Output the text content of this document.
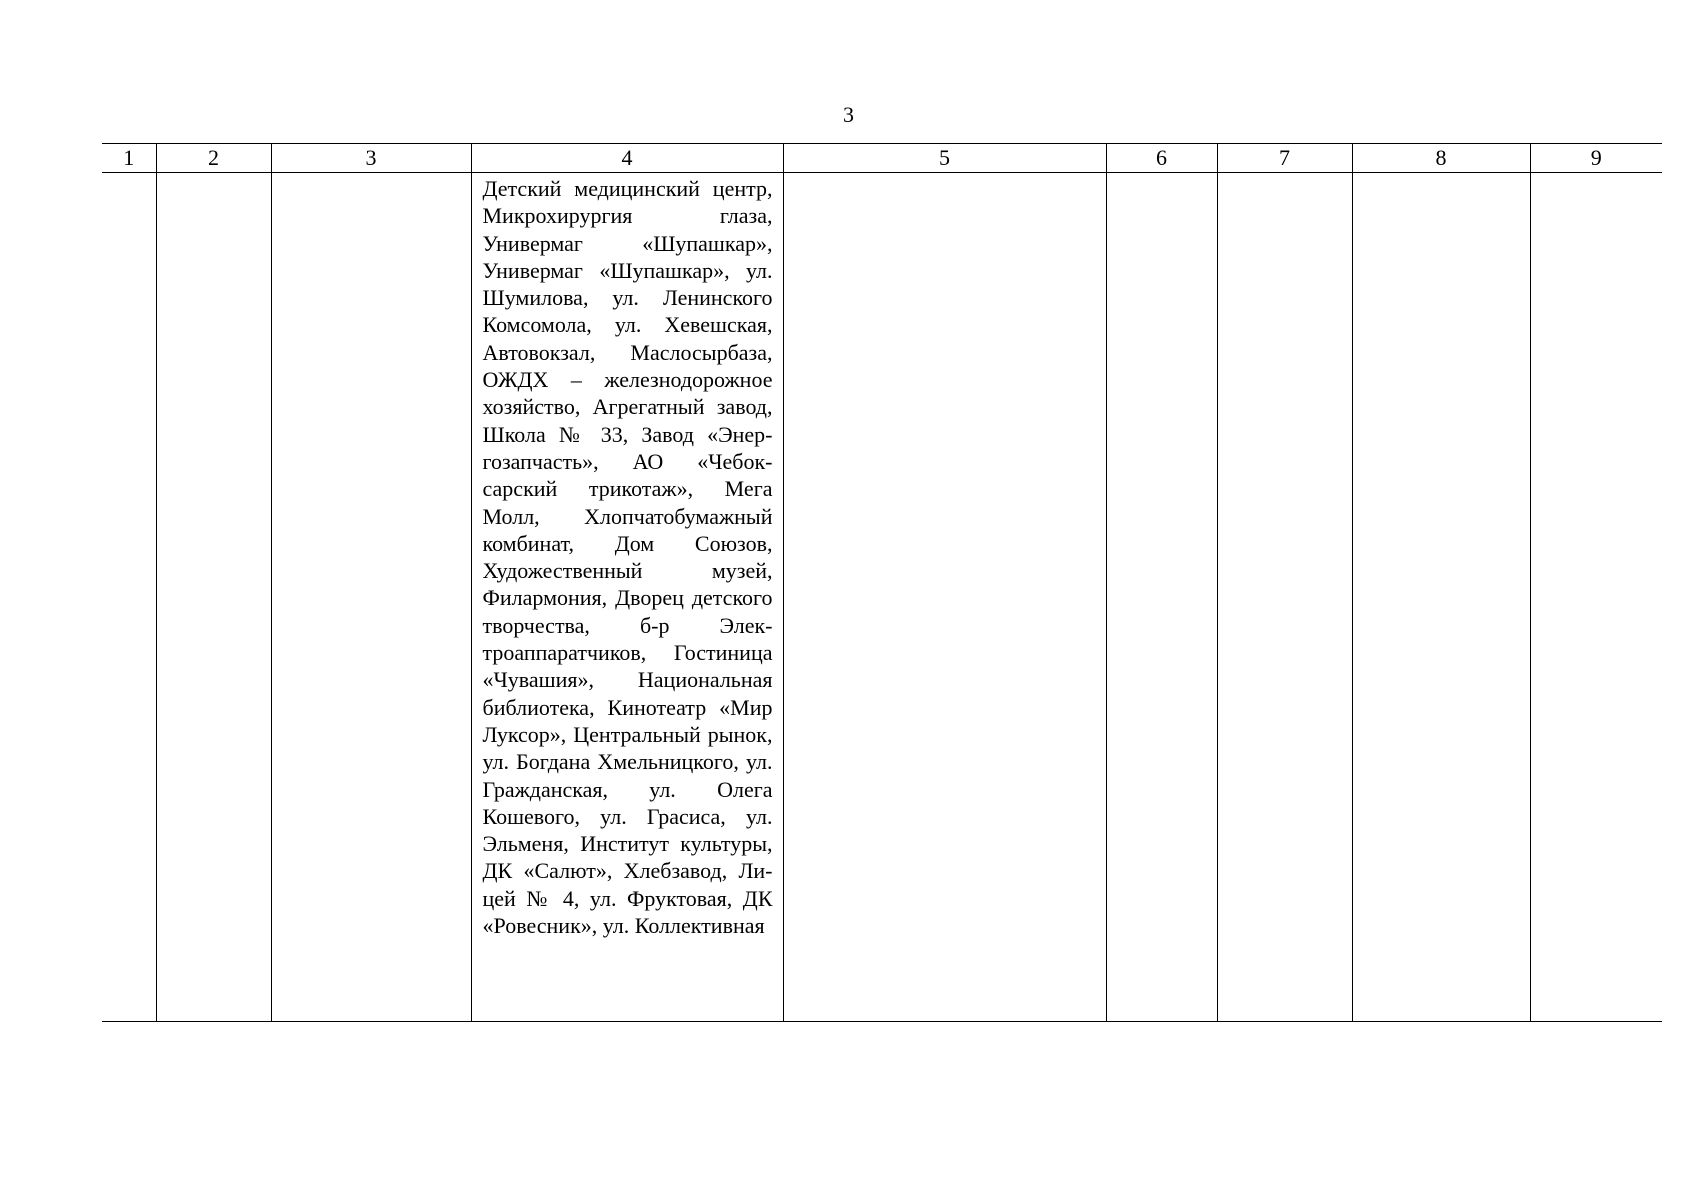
3
1	2	3	4	5	6	7	8	9

			Детский медицинский центр, Микрохирургия глаза, Универмаг «Шупашкар», Универмаг «Шупашкар», ул. Шумилова, ул. Ленинского Комсомола, ул. Хевешская, Автовокзал, Маслосырбаза, ОЖДХ – железнодорожное хозяйство, Агрегатный завод, Школа № 33, Завод «Энергозапчасть», АО «Чебоксарский трикотаж», Мега Молл, Хлопчатобумажный комбинат, Дом Союзов, Художественный музей, Филармония, Дворец детского творчества, б-р Электроаппаратчиков, Гостиница «Чувашия», Национальная библиотека, Кинотеатр «Мир Луксор», Центральный рынок, ул. Богдана Хмельницкого, ул. Гражданская, ул. Олега Кошевого, ул. Грасиса, ул. Эльменя, Институт культуры, ДК «Салют», Хлебзавод, Лицей № 4, ул. Фруктовая, ДК «Ровесник», ул. Коллективная					
